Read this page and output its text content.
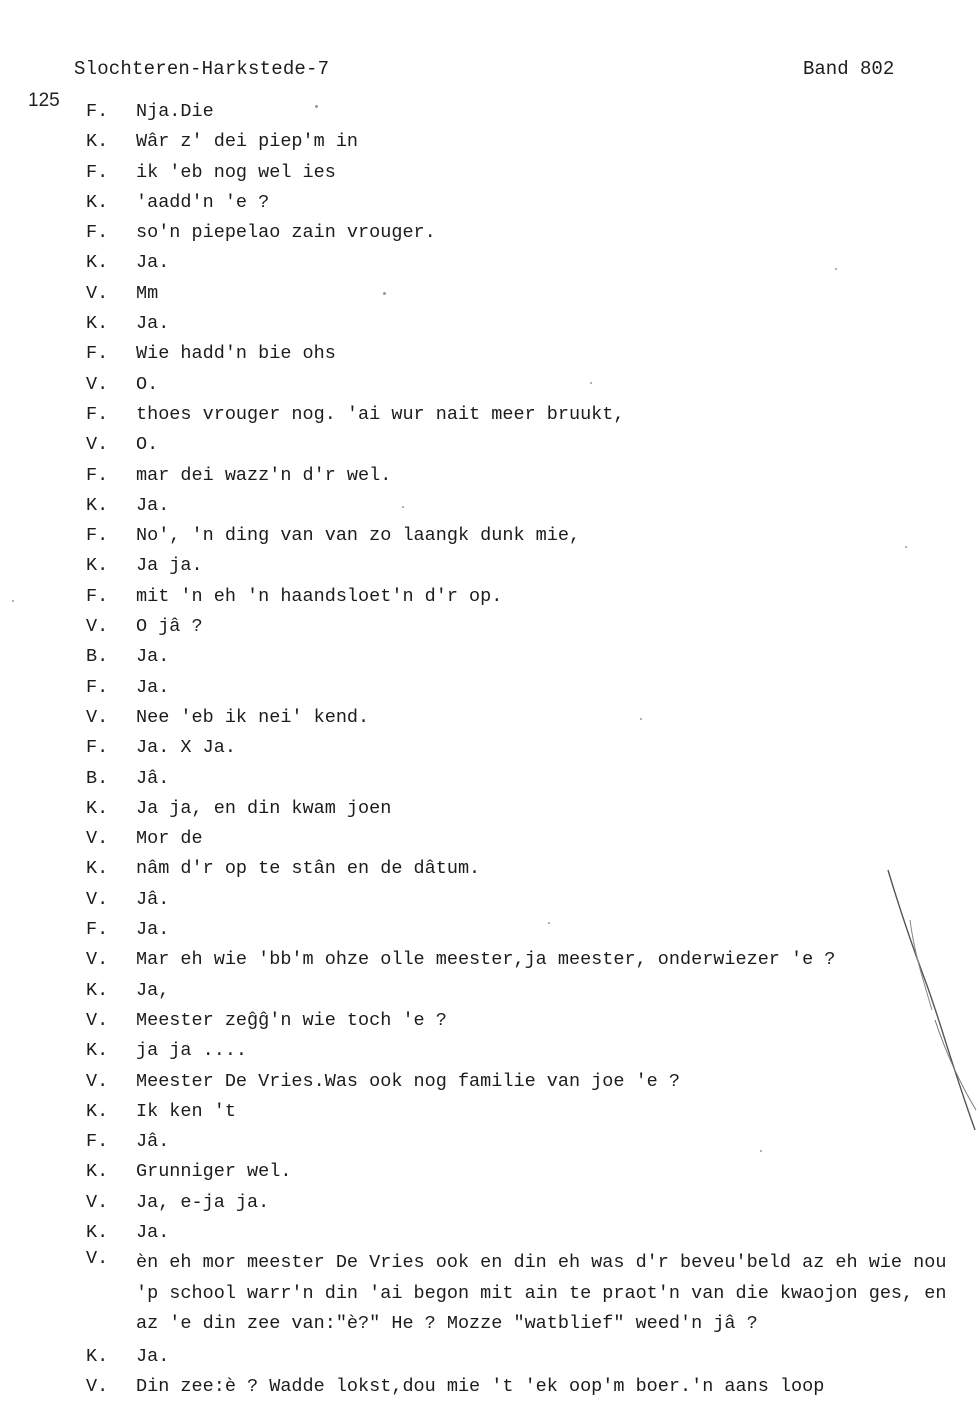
125
Slochteren-Harkstede-7	Band 802
F.	Nja.Die
K.	Wâr z' dei piep'm in
F.	ik 'eb nog wel ies
K.	'aadd'n 'e ?
F.	so'n piepelao zain vrouger.
K.	Ja.
V.	Mm
K.	Ja.
F.	Wie hadd'n bie ohs
V.	O.
F.	thoes vrouger nog. 'ai wur nait meer bruukt,
V.	O.
F.	mar dei wazz'n d'r wel.
K.	Ja.
F.	No', 'n ding van van zo laangk dunk mie,
K.	Ja ja.
F.	mit 'n eh 'n haandsloet'n d'r op.
V.	O jâ ?
B.	Ja.
F.	Ja.
V.	Nee 'eb ik nei' kend.
F.	Ja. X Ja.
B.	Jâ.
K.	Ja ja, en din kwam joen
V.	Mor de
K.	nâm d'r op te stân en de dâtum.
V.	Jâ.
F.	Ja.
V.	Mar eh wie 'bb'm ohze olle meester,ja meester, onderwiezer 'e ?
K.	Ja,
V.	Meester zeĝĝ'n wie toch 'e ?
K.	ja ja ....
V.	Meester De Vries.Was ook nog familie van joe 'e ?
K.	Ik ken 't
F.	Jâ.
K.	Grunniger wel.
V.	Ja, e-ja ja.
K.	Ja.
V.	èn eh mor meester De Vries ook en din eh was d'r beveu'beld az eh wie nou 'p school warr'n din 'ai begon mit ain te praot'n van die kwaojon ges, en az 'e din zee van:"è?" He ? Mozze "watblief" weed'n jâ ?
K.	Ja.
V.	Din zee:è ? Wadde lokst,dou mie 't 'ek oop'm boer.'n aans loop
